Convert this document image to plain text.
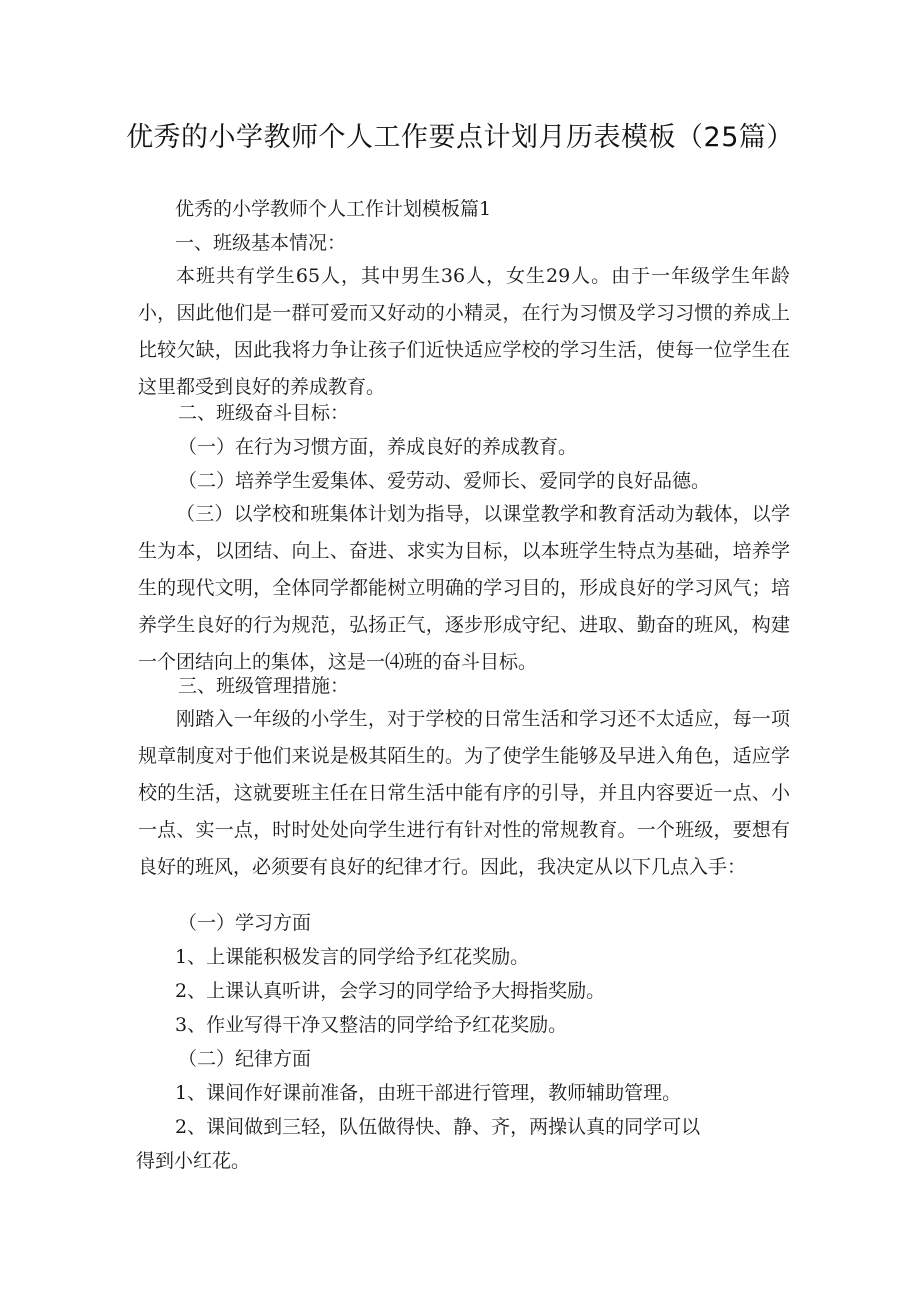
优秀的小学教师个人工作要点计划月历表模板（25篇）
优秀的小学教师个人工作计划模板篇1
一、班级基本情况：

本班共有学生65人，其中男生36人，女生29人。由于一年级学生年龄小，因此他们是一群可爱而又好动的小精灵，在行为习惯及学习习惯的养成上比较欠缺，因此我将力争让孩子们近快适应学校的学习生活，使每一位学生在这里都受到良好的养成教育。

二、班级奋斗目标：
（一）在行为习惯方面，养成良好的养成教育。
（二）培养学生爱集体、爱劳动、爱师长、爱同学的良好品德。

（三）以学校和班集体计划为指导，以课堂教学和教育活动为载体，以学生为本，以团结、向上、奋进、求实为目标，以本班学生特点为基础，培养学生的现代文明，全体同学都能树立明确的学习目的，形成良好的学习风气；培养学生良好的行为规范，弘扬正气，逐步形成守纪、进取、勤奋的班风，构建一个团结向上的集体，这是一⑷班的奋斗目标。

三、班级管理措施：

刚踏入一年级的小学生，对于学校的日常生活和学习还不太适应，每一项规章制度对于他们来说是极其陌生的。为了使学生能够及早进入角色，适应学校的生活，这就要班主任在日常生活中能有序的引导，并且内容要近一点、小一点、实一点，时时处处向学生进行有针对性的常规教育。一个班级，要想有良好的班风，必须要有良好的纪律才行。因此，我决定从以下几点入手：

（一）学习方面
1、上课能积极发言的同学给予红花奖励。
2、上课认真听讲，会学习的同学给予大拇指奖励。
3、作业写得干净又整洁的同学给予红花奖励。
（二）纪律方面
1、课间作好课前准备，由班干部进行管理，教师辅助管理。
2、课间做到三轻，队伍做得快、静、齐，两操认真的同学可以
得到小红花。
